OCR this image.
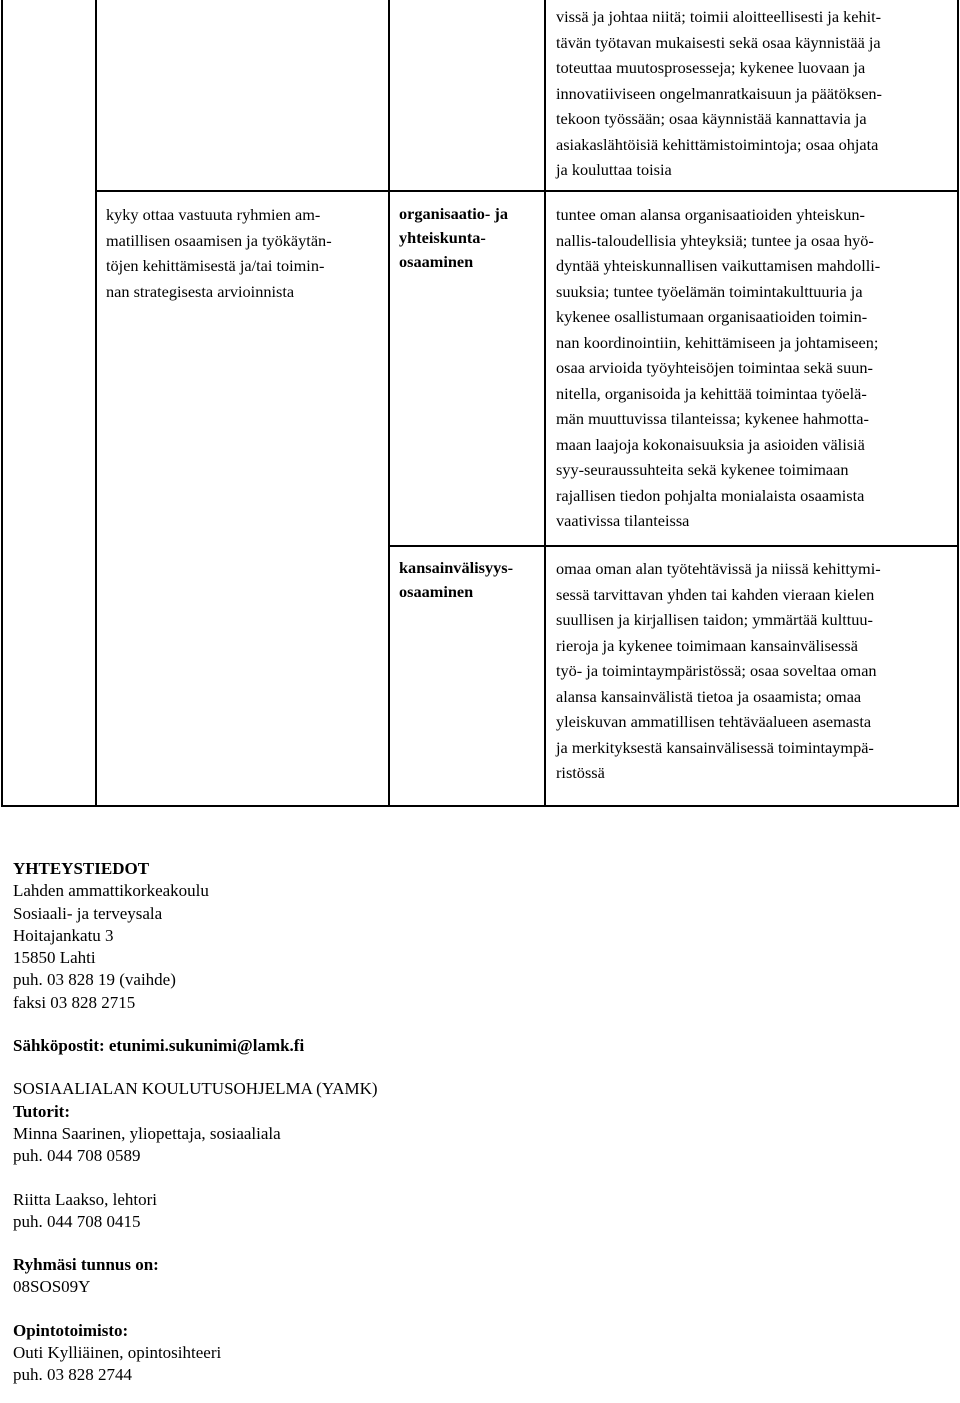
vissä ja johtaa niitä; toimii aloitteellisesti ja kehit-
tävän työtavan mukaisesti sekä osaa käynnistää ja
toteuttaa muutosprosesseja; kykenee luovaan ja
innovatiiviseen ongelmanratkaisuun ja päätöksen-
tekoon työssään; osaa käynnistää kannattavia ja
asiakaslähtöisiä kehittämistoimintoja; osaa ohjata
ja kouluttaa toisia
kyky ottaa vastuuta ryhmien am-
matillisen osaamisen ja työkäytän-
töjen kehittämisestä ja/tai toimin-
nan strategisesta arvioinnista
organisaatio- ja
yhteiskunta-
osaaminen
tuntee oman alansa organisaatioiden yhteiskun-
nallis-taloudellisia yhteyksiä; tuntee ja osaa hyö-
dyntää yhteiskunnallisen vaikuttamisen mahdolli-
suuksia; tuntee työelämän toimintakulttuuria ja
kykenee osallistumaan organisaatioiden toimin-
nan koordinointiin, kehittämiseen ja johtamiseen;
osaa arvioida työyhteisöjen toimintaa sekä suun-
nitella, organisoida ja kehittää toimintaa työelä-
män muuttuvissa tilanteissa; kykenee hahmotta-
maan laajoja kokonaisuuksia ja asioiden välisiä
syy-seuraussuhteita sekä kykenee toimimaan
rajallisen tiedon pohjalta monialaista osaamista
vaativissa tilanteissa
kansainvälisyys-
osaaminen
omaa oman alan työtehtävissä ja niissä kehittymi-
sessä tarvittavan yhden tai kahden vieraan kielen
suullisen ja kirjallisen taidon; ymmärtää kulttuu-
rieroja ja kykenee toimimaan kansainvälisessä
työ- ja toimintaympäristössä; osaa soveltaa oman
alansa kansainvälistä tietoa ja osaamista; omaa
yleiskuvan ammatillisen tehtäväalueen asemasta
ja merkityksestä kansainvälisessä toimintaympä-
ristössä
YHTEYSTIEDOT
Lahden ammattikorkeakoulu
Sosiaali- ja terveysala
Hoitajankatu 3
15850 Lahti
puh. 03 828 19 (vaihde)
faksi 03 828 2715
Sähköpostit: etunimi.sukunimi@lamk.fi
SOSIAALIALAN KOULUTUSOHJELMA (YAMK)
Tutorit:
Minna Saarinen, yliopettaja, sosiaaliala
puh. 044 708 0589
Riitta Laakso, lehtori
puh. 044 708 0415
Ryhmäsi tunnus on:
08SOS09Y
Opintotoimisto:
Outi Kylliäinen, opintosihteeri
puh. 03 828 2744
